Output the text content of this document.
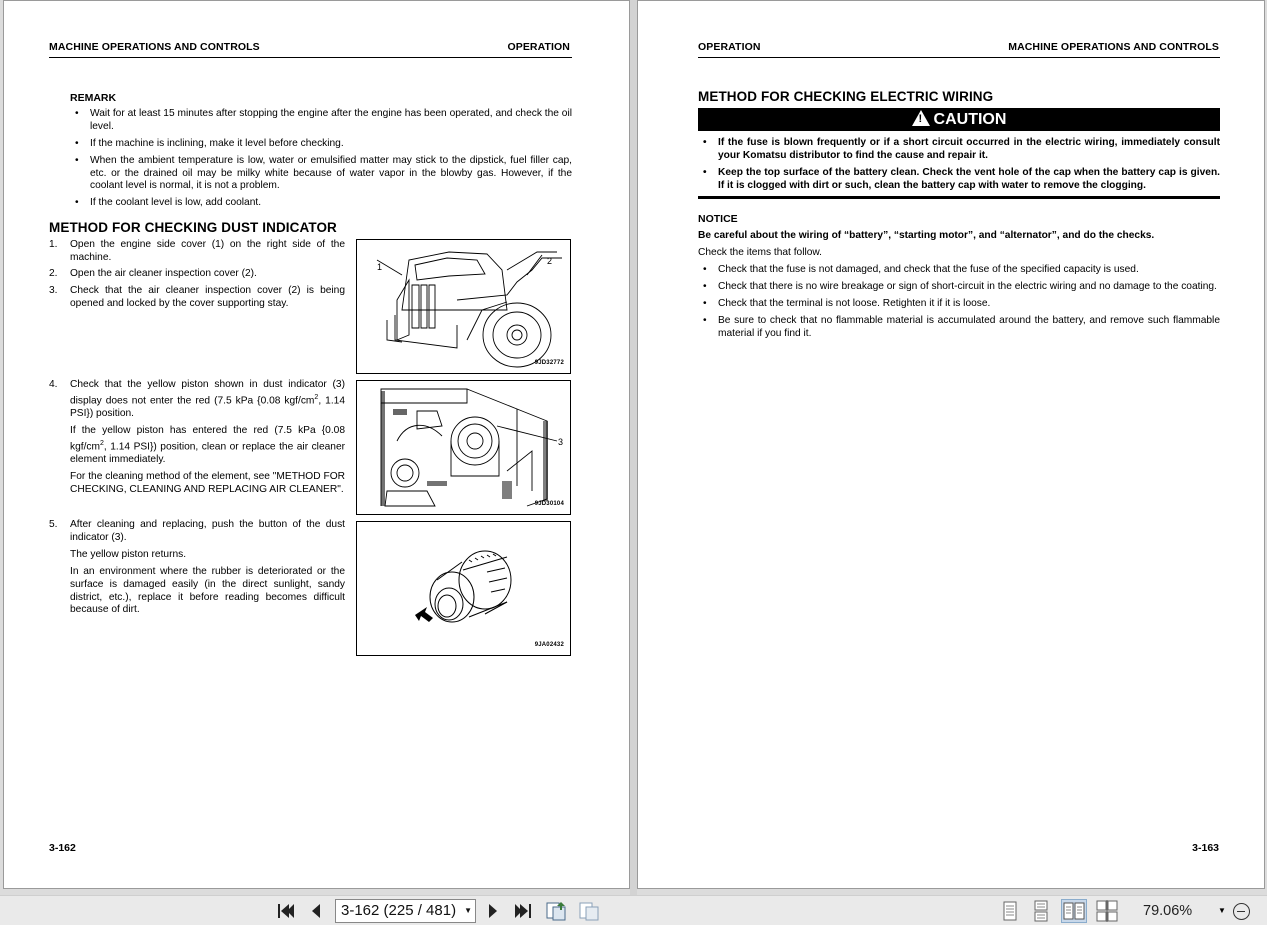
MACHINE OPERATIONS AND CONTROLS	OPERATION
REMARK
• Wait for at least 15 minutes after stopping the engine after the engine has been operated, and check the oil level.
• If the machine is inclining, make it level before checking.
• When the ambient temperature is low, water or emulsified matter may stick to the dipstick, fuel filler cap, etc. or the drained oil may be milky white because of water vapor in the blowby gas. However, if the coolant level is normal, it is not a problem.
• If the coolant level is low, add coolant.
METHOD FOR CHECKING DUST INDICATOR
1. Open the engine side cover (1) on the right side of the machine.
2. Open the air cleaner inspection cover (2).
3. Check that the air cleaner inspection cover (2) is being opened and locked by the cover supporting stay.
4. Check that the yellow piston shown in dust indicator (3) display does not enter the red (7.5 kPa {0.08 kgf/$cm^2$, 1.14 PSI}) position.

If the yellow piston has entered the red (7.5 kPa {0.08 kgf/$cm^2$, 1.14 PSI}) position, clean or replace the air cleaner element immediately.

For the cleaning method of the element, see "METHOD FOR CHECKING, CLEANING AND REPLACING AIR CLEANER".

5. After cleaning and replacing, push the button of the dust indicator (3).

The yellow piston returns.

In an environment where the rubber is deteriorated or the surface is damaged easily (in the direct sunlight, sandy district, etc.), replace it before reading becomes difficult because of dirt.

1
2
9JD32772
3
9JD30104
9JA02432
3-162
OPERATION	MACHINE OPERATIONS AND CONTROLS
METHOD FOR CHECKING ELECTRIC WIRING
! CAUTION
• If the fuse is blown frequently or if a short circuit occurred in the electric wiring, immediately consult your Komatsu distributor to find the cause and repair it.
• Keep the top surface of the battery clean. Check the vent hole of the cap when the battery cap is given. If it is clogged with dirt or such, clean the battery cap with water to remove the clogging.
NOTICE
Be careful about the wiring of “battery”, “starting motor”, and “alternator”, and do the checks.
Check the items that follow.
• Check that the fuse is not damaged, and check that the fuse of the specified capacity is used.
• Check that there is no wire breakage or sign of short-circuit in the electric wiring and no damage to the coating.
• Check that the terminal is not loose. Retighten it if it is loose.
• Be sure to check that no flammable material is accumulated around the battery, and remove such flammable material if you find it.
3-163
3-162 (225 / 481) ▼	79.06%	▼
